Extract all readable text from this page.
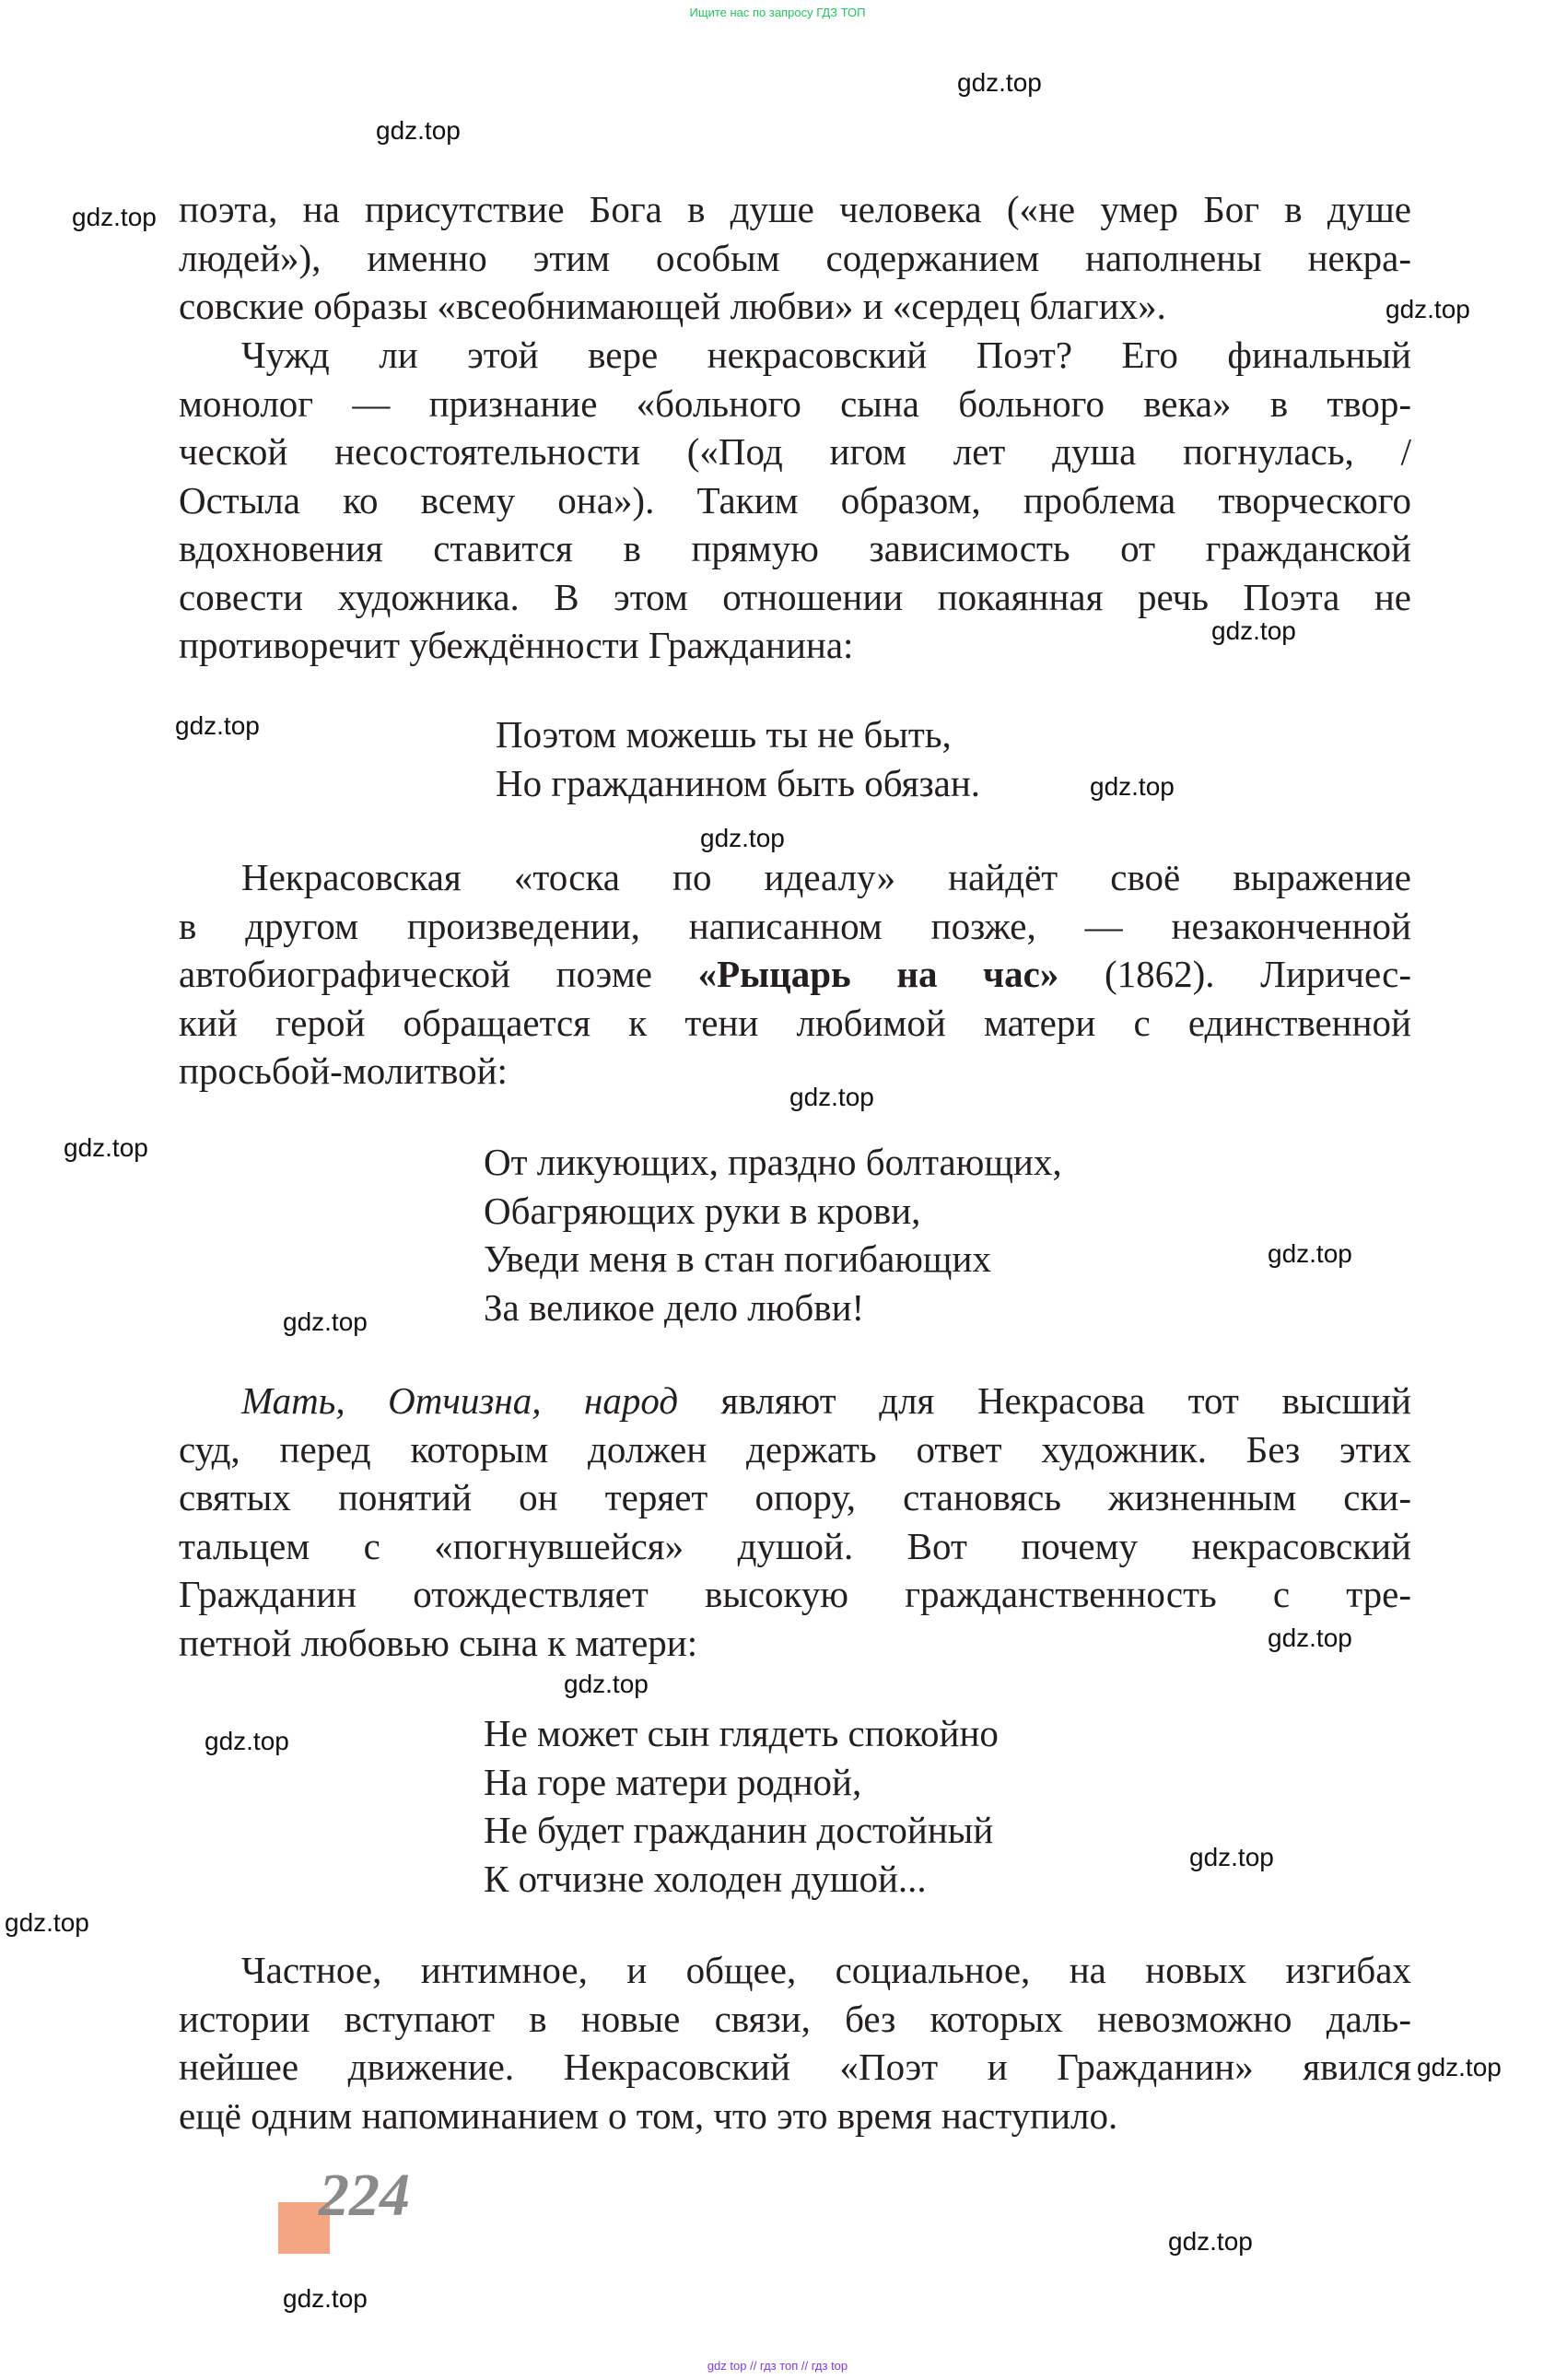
Ищите нас по запросу ГДЗ ТОП
gdz.top
gdz.top
gdz.top
gdz.top
gdz.top
gdz.top
gdz.top
gdz.top
gdz.top
gdz.top
gdz.top
gdz.top
gdz.top
gdz.top
gdz.top
gdz.top
gdz.top
gdz.top
gdz.top
gdz.top
поэта, на присутствие Бога в душе человека («не умер Бог в душе
людей»), именно этим особым содержанием наполнены некра-
совские образы «всеобнимающей любви» и «сердец благих».
Чужд ли этой вере некрасовский Поэт? Его финальный
монолог — признание «больного сына больного века» в твор-
ческой несостоятельности («Под игом лет душа погнулась, /
Остыла ко всему она»). Таким образом, проблема творческого
вдохновения ставится в прямую зависимость от гражданской
совести художника. В этом отношении покаянная речь Поэта не
противоречит убеждённости Гражданина:
Поэтом можешь ты не быть,
Но гражданином быть обязан.
Некрасовская «тоска по идеалу» найдёт своё выражение
в другом произведении, написанном позже, — незаконченной
автобиографической поэме «Рыцарь на час» (1862). Лиричес-
кий герой обращается к тени любимой матери с единственной
просьбой-молитвой:
От ликующих, праздно болтающих,
Обагряющих руки в крови,
Уведи меня в стан погибающих
За великое дело любви!
Мать, Отчизна, народ являют для Некрасова тот высший
суд, перед которым должен держать ответ художник. Без этих
святых понятий он теряет опору, становясь жизненным ски-
тальцем с «погнувшейся» душой. Вот почему некрасовский
Гражданин отождествляет высокую гражданственность с тре-
петной любовью сына к матери:
Не может сын глядеть спокойно
На горе матери родной,
Не будет гражданин достойный
К отчизне холоден душой...
Частное, интимное, и общее, социальное, на новых изгибах
истории вступают в новые связи, без которых невозможно даль-
нейшее движение. Некрасовский «Поэт и Гражданин» явился
ещё одним напоминанием о том, что это время наступило.
224
gdz top // гдз топ // гдз top
